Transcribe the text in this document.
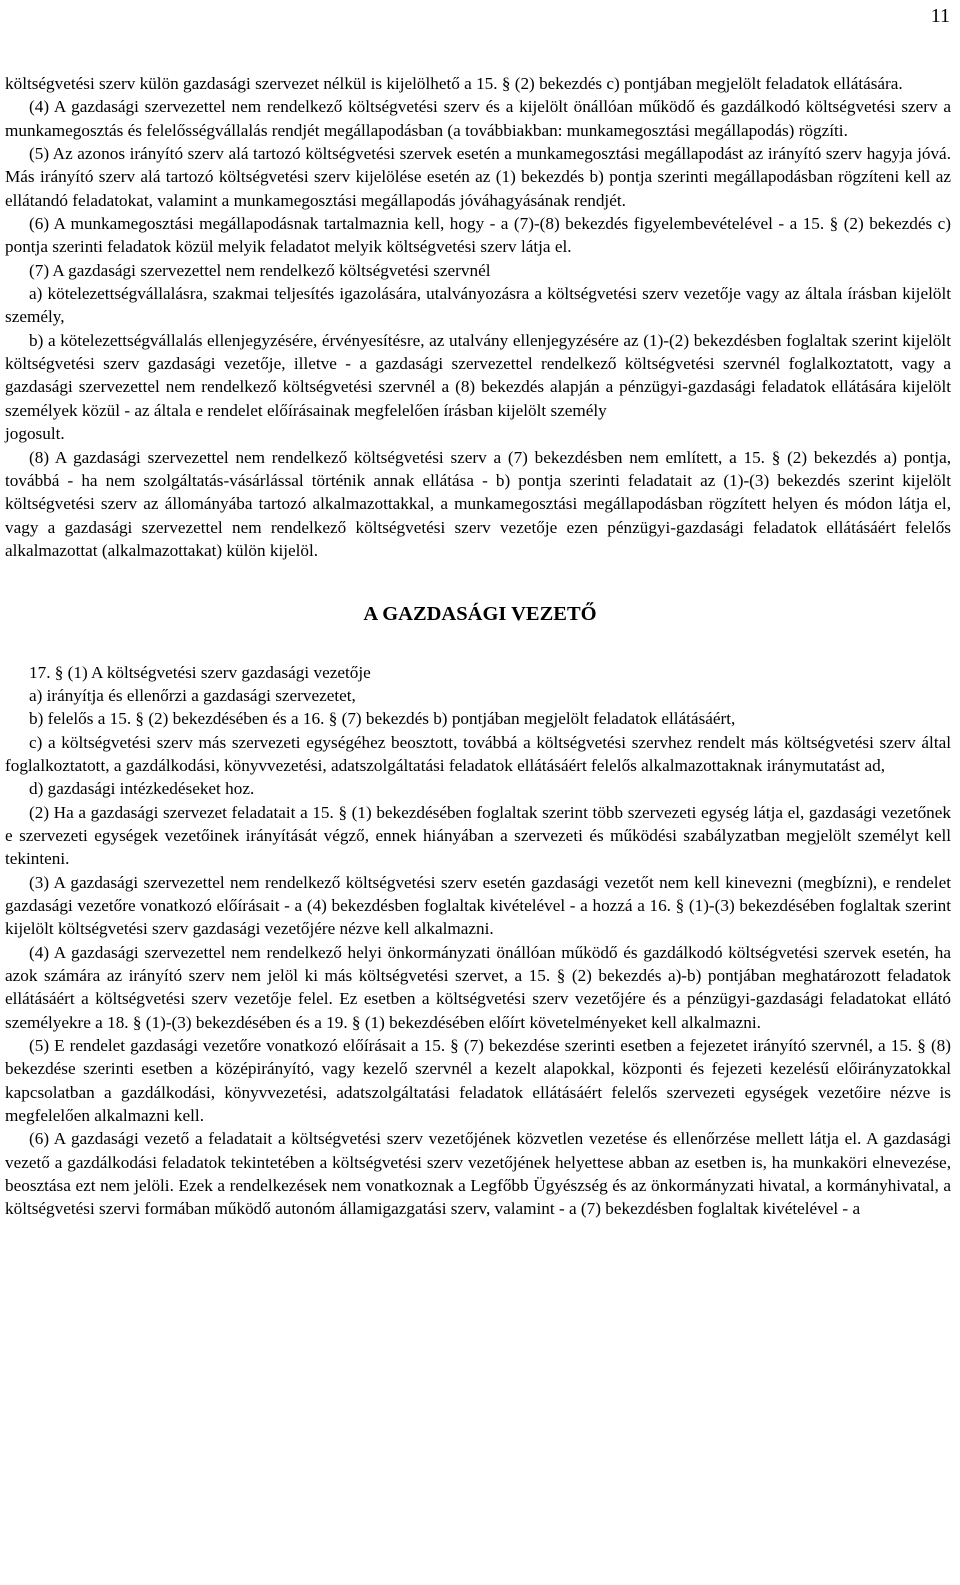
11

költségvetési szerv külön gazdasági szervezet nélkül is kijelölhető a 15. § (2) bekezdés c) pontjában megjelölt feladatok ellátására.

(4) A gazdasági szervezettel nem rendelkező költségvetési szerv és a kijelölt önállóan működő és gazdálkodó költségvetési szerv a munkamegosztás és felelősségvállalás rendjét megállapodásban (a továbbiakban: munkamegosztási megállapodás) rögzíti.

(5) Az azonos irányító szerv alá tartozó költségvetési szervek esetén a munkamegosztási megállapodást az irányító szerv hagyja jóvá. Más irányító szerv alá tartozó költségvetési szerv kijelölése esetén az (1) bekezdés b) pontja szerinti megállapodásban rögzíteni kell az ellátandó feladatokat, valamint a munkamegosztási megállapodás jóváhagyásának rendjét.

(6) A munkamegosztási megállapodásnak tartalmaznia kell, hogy - a (7)-(8) bekezdés figyelembevételével - a 15. § (2) bekezdés c) pontja szerinti feladatok közül melyik feladatot melyik költségvetési szerv látja el.

(7) A gazdasági szervezettel nem rendelkező költségvetési szervnél

a) kötelezettségvállalásra, szakmai teljesítés igazolására, utalványozásra a költségvetési szerv vezetője vagy az általa írásban kijelölt személy,

b) a kötelezettségvállalás ellenjegyzésére, érvényesítésre, az utalvány ellenjegyzésére az (1)-(2) bekezdésben foglaltak szerint kijelölt költségvetési szerv gazdasági vezetője, illetve - a gazdasági szervezettel rendelkező költségvetési szervnél foglalkoztatott, vagy a gazdasági szervezettel nem rendelkező költségvetési szervnél a (8) bekezdés alapján a pénzügyi-gazdasági feladatok ellátására kijelölt személyek közül - az általa e rendelet előírásainak megfelelően írásban kijelölt személy

jogosult.

(8) A gazdasági szervezettel nem rendelkező költségvetési szerv a (7) bekezdésben nem említett, a 15. § (2) bekezdés a) pontja, továbbá - ha nem szolgáltatás-vásárlással történik annak ellátása - b) pontja szerinti feladatait az (1)-(3) bekezdés szerint kijelölt költségvetési szerv az állományába tartozó alkalmazottakkal, a munkamegosztási megállapodásban rögzített helyen és módon látja el, vagy a gazdasági szervezettel nem rendelkező költségvetési szerv vezetője ezen pénzügyi-gazdasági feladatok ellátásáért felelős alkalmazottat (alkalmazottakat) külön kijelöl.

A GAZDASÁGI VEZETŐ

17. § (1) A költségvetési szerv gazdasági vezetője

a) irányítja és ellenőrzi a gazdasági szervezetet,

b) felelős a 15. § (2) bekezdésében és a 16. § (7) bekezdés b) pontjában megjelölt feladatok ellátásáért,

c) a költségvetési szerv más szervezeti egységéhez beosztott, továbbá a költségvetési szervhez rendelt más költségvetési szerv által foglalkoztatott, a gazdálkodási, könyvvezetési, adatszolgáltatási feladatok ellátásáért felelős alkalmazottaknak iránymutatást ad,

d) gazdasági intézkedéseket hoz.

(2) Ha a gazdasági szervezet feladatait a 15. § (1) bekezdésében foglaltak szerint több szervezeti egység látja el, gazdasági vezetőnek e szervezeti egységek vezetőinek irányítását végző, ennek hiányában a szervezeti és működési szabályzatban megjelölt személyt kell tekinteni.

(3) A gazdasági szervezettel nem rendelkező költségvetési szerv esetén gazdasági vezetőt nem kell kinevezni (megbízni), e rendelet gazdasági vezetőre vonatkozó előírásait - a (4) bekezdésben foglaltak kivételével - a hozzá a 16. § (1)-(3) bekezdésében foglaltak szerint kijelölt költségvetési szerv gazdasági vezetőjére nézve kell alkalmazni.

(4) A gazdasági szervezettel nem rendelkező helyi önkormányzati önállóan működő és gazdálkodó költségvetési szervek esetén, ha azok számára az irányító szerv nem jelöl ki más költségvetési szervet, a 15. § (2) bekezdés a)-b) pontjában meghatározott feladatok ellátásáért a költségvetési szerv vezetője felel. Ez esetben a költségvetési szerv vezetőjére és a pénzügyi-gazdasági feladatokat ellátó személyekre a 18. § (1)-(3) bekezdésében és a 19. § (1) bekezdésében előírt követelményeket kell alkalmazni.

(5) E rendelet gazdasági vezetőre vonatkozó előírásait a 15. § (7) bekezdése szerinti esetben a fejezetet irányító szervnél, a 15. § (8) bekezdése szerinti esetben a középirányító, vagy kezelő szervnél a kezelt alapokkal, központi és fejezeti kezelésű előirányzatokkal kapcsolatban a gazdálkodási, könyvvezetési, adatszolgáltatási feladatok ellátásáért felelős szervezeti egységek vezetőire nézve is megfelelően alkalmazni kell.

(6) A gazdasági vezető a feladatait a költségvetési szerv vezetőjének közvetlen vezetése és ellenőrzése mellett látja el. A gazdasági vezető a gazdálkodási feladatok tekintetében a költségvetési szerv vezetőjének helyettese abban az esetben is, ha munkaköri elnevezése, beosztása ezt nem jelöli. Ezek a rendelkezések nem vonatkoznak a Legfőbb Ügyészség és az önkormányzati hivatal, a kormányhivatal, a költségvetési szervi formában működő autonóm államigazgatási szerv, valamint - a (7) bekezdésben foglaltak kivételével - a
